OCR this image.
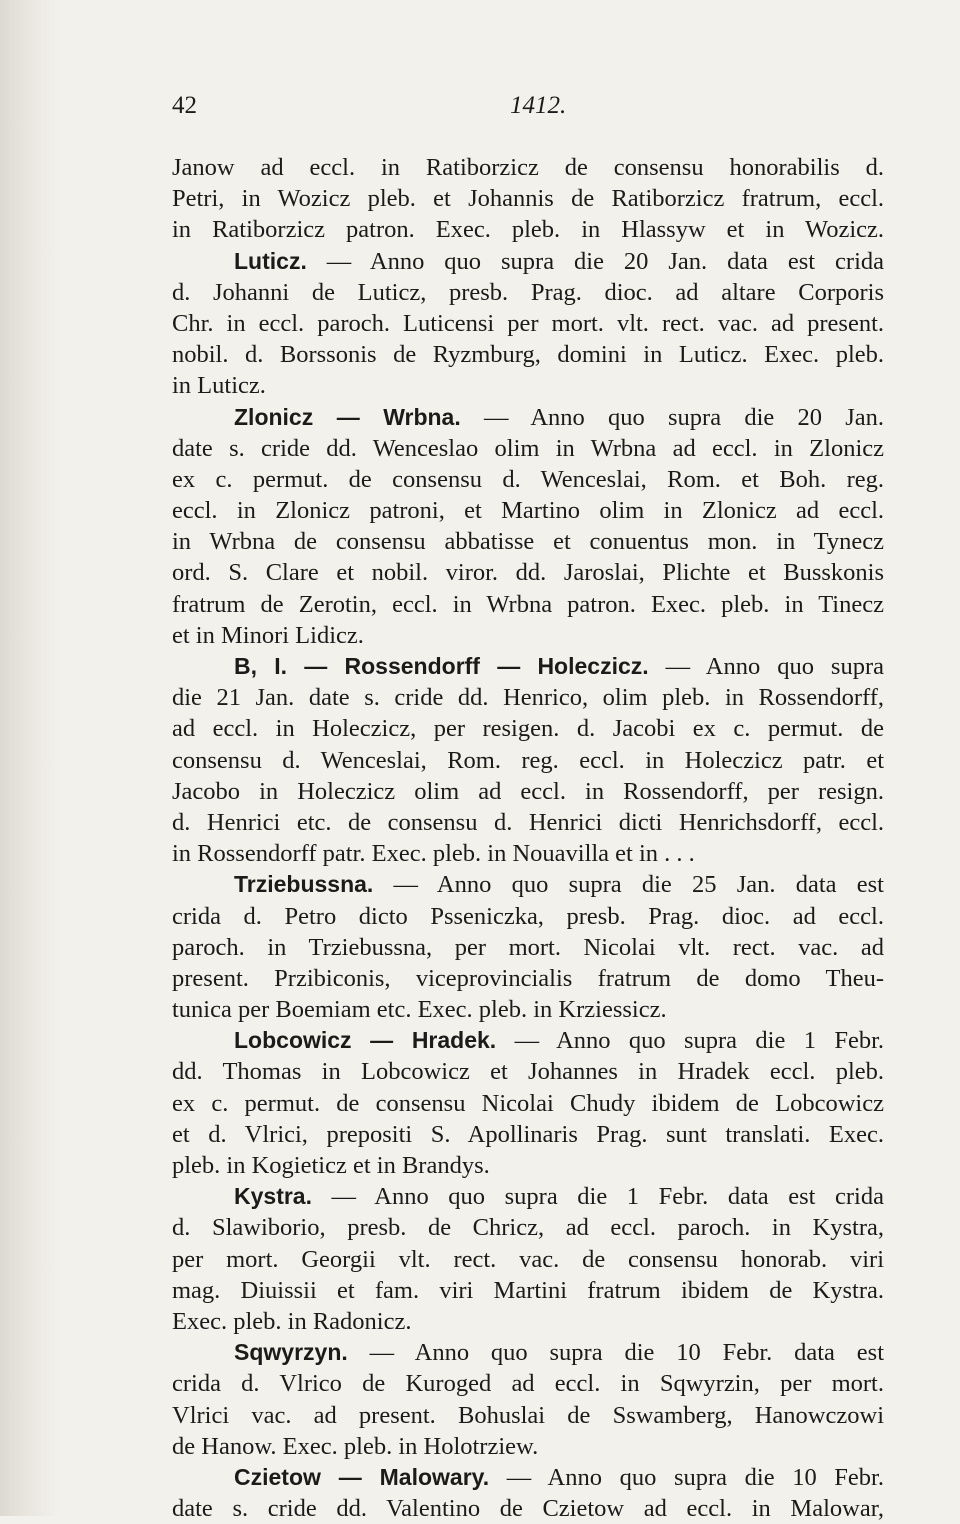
42	1412.
Janow ad eccl. in Ratiborzicz de consensu honorabilis d.
Petri, in Wozicz pleb. et Johannis de Ratiborzicz fratrum, eccl.
in Ratiborzicz patron. Exec. pleb. in Hlassyw et in Wozicz.
Luticz. — Anno quo supra die 20 Jan. data est crida
d. Johanni de Luticz, presb. Prag. dioc. ad altare Corporis
Chr. in eccl. paroch. Luticensi per mort. vlt. rect. vac. ad present.
nobil. d. Borssonis de Ryzmburg, domini in Luticz. Exec. pleb.
in Luticz.
Zlonicz — Wrbna. — Anno quo supra die 20 Jan.
date s. cride dd. Wenceslao olim in Wrbna ad eccl. in Zlonicz
ex c. permut. de consensu d. Wenceslai, Rom. et Boh. reg.
eccl. in Zlonicz patroni, et Martino olim in Zlonicz ad eccl.
in Wrbna de consensu abbatisse et conuentus mon. in Tynecz
ord. S. Clare et nobil. viror. dd. Jaroslai, Plichte et Busskonis
fratrum de Zerotin, eccl. in Wrbna patron. Exec. pleb. in Tinecz
et in Minori Lidicz.
B, I. — Rossendorff — Holeczicz. — Anno quo supra
die 21 Jan. date s. cride dd. Henrico, olim pleb. in Rossendorff,
ad eccl. in Holeczicz, per resigen. d. Jacobi ex c. permut. de
consensu d. Wenceslai, Rom. reg. eccl. in Holeczicz patr. et
Jacobo in Holeczicz olim ad eccl. in Rossendorff, per resign.
d. Henrici etc. de consensu d. Henrici dicti Henrichsdorff, eccl.
in Rossendorff patr. Exec. pleb. in Nouavilla et in . . .
Trziebussna. — Anno quo supra die 25 Jan. data est
crida d. Petro dicto Psseniczka, presb. Prag. dioc. ad eccl.
paroch. in Trziebussna, per mort. Nicolai vlt. rect. vac. ad
present. Przibiconis, viceprovincialis fratrum de domo Theu-
tunica per Boemiam etc. Exec. pleb. in Krziessicz.
Lobcowicz — Hradek. — Anno quo supra die 1 Febr.
dd. Thomas in Lobcowicz et Johannes in Hradek eccl. pleb.
ex c. permut. de consensu Nicolai Chudy ibidem de Lobcowicz
et d. Vlrici, prepositi S. Apollinaris Prag. sunt translati. Exec.
pleb. in Kogieticz et in Brandys.
Kystra. — Anno quo supra die 1 Febr. data est crida
d. Slawiborio, presb. de Chricz, ad eccl. paroch. in Kystra,
per mort. Georgii vlt. rect. vac. de consensu honorab. viri
mag. Diuissii et fam. viri Martini fratrum ibidem de Kystra.
Exec. pleb. in Radonicz.
Sqwyrzyn. — Anno quo supra die 10 Febr. data est
crida d. Vlrico de Kuroged ad eccl. in Sqwyrzin, per mort.
Vlrici vac. ad present. Bohuslai de Sswamberg, Hanowczowi
de Hanow. Exec. pleb. in Holotrziew.
Czietow — Malowary. — Anno quo supra die 10 Febr.
date s. cride dd. Valentino de Czietow ad eccl. in Malowar,
